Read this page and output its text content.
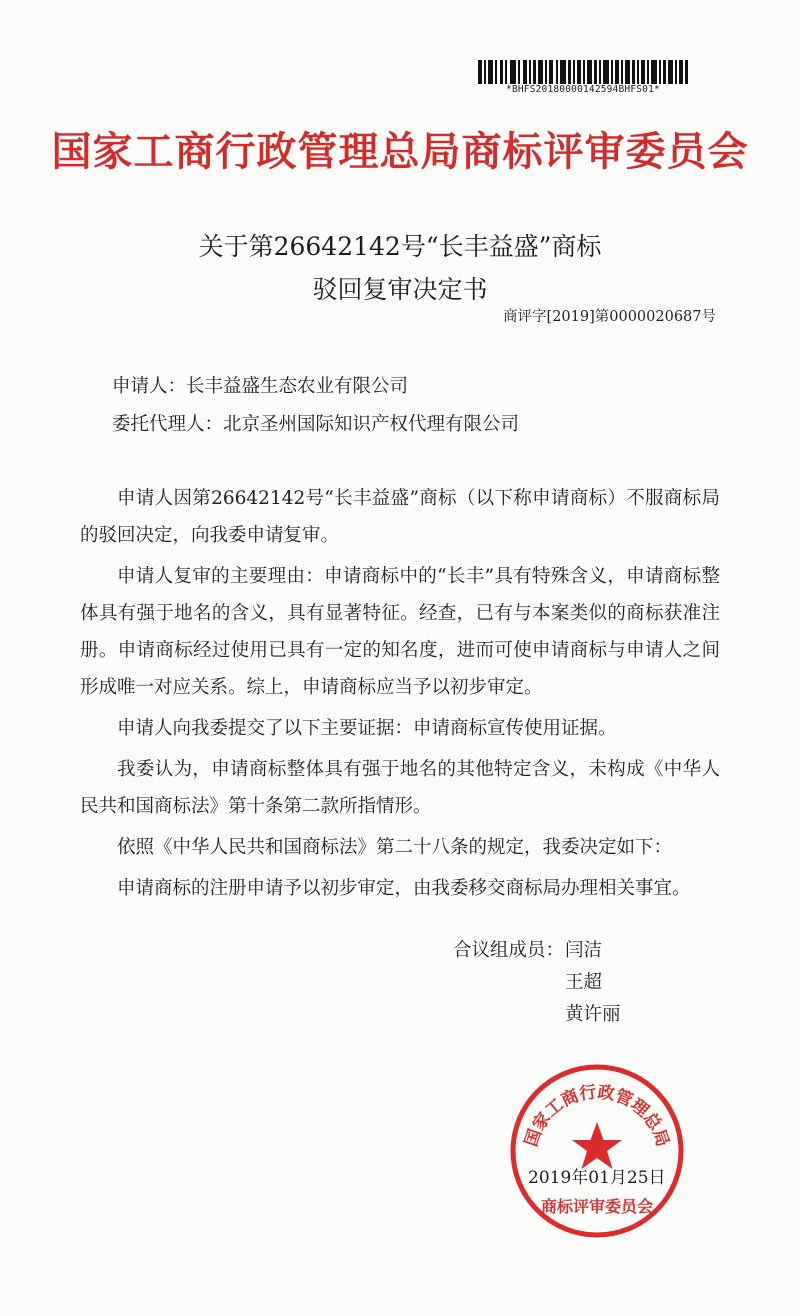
*BHFS20180000142594BHFS01*
国家工商行政管理总局商标评审委员会
关于第26642142号“长丰益盛”商标
驳回复审决定书
商评字[2019]第0000020687号
申请人：长丰益盛生态农业有限公司
委托代理人：北京圣州国际知识产权代理有限公司

申请人因第26642142号“长丰益盛”商标（以下称申请商标）不服商标局的驳回决定，向我委申请复审。

申请人复审的主要理由：申请商标中的“长丰”具有特殊含义，申请商标整体具有强于地名的含义，具有显著特征。经查，已有与本案类似的商标获准注册。申请商标经过使用已具有一定的知名度，进而可使申请商标与申请人之间形成唯一对应关系。综上，申请商标应当予以初步审定。

申请人向我委提交了以下主要证据：申请商标宣传使用证据。

我委认为，申请商标整体具有强于地名的其他特定含义，未构成《中华人民共和国商标法》第十条第二款所指情形。

依照《中华人民共和国商标法》第二十八条的规定，我委决定如下：

申请商标的注册申请予以初步审定，由我委移交商标局办理相关事宜。

合议组成员：闫洁
王超
黄许丽
国家工商行政管理总局
商标评审委员会
2019年01月25日
